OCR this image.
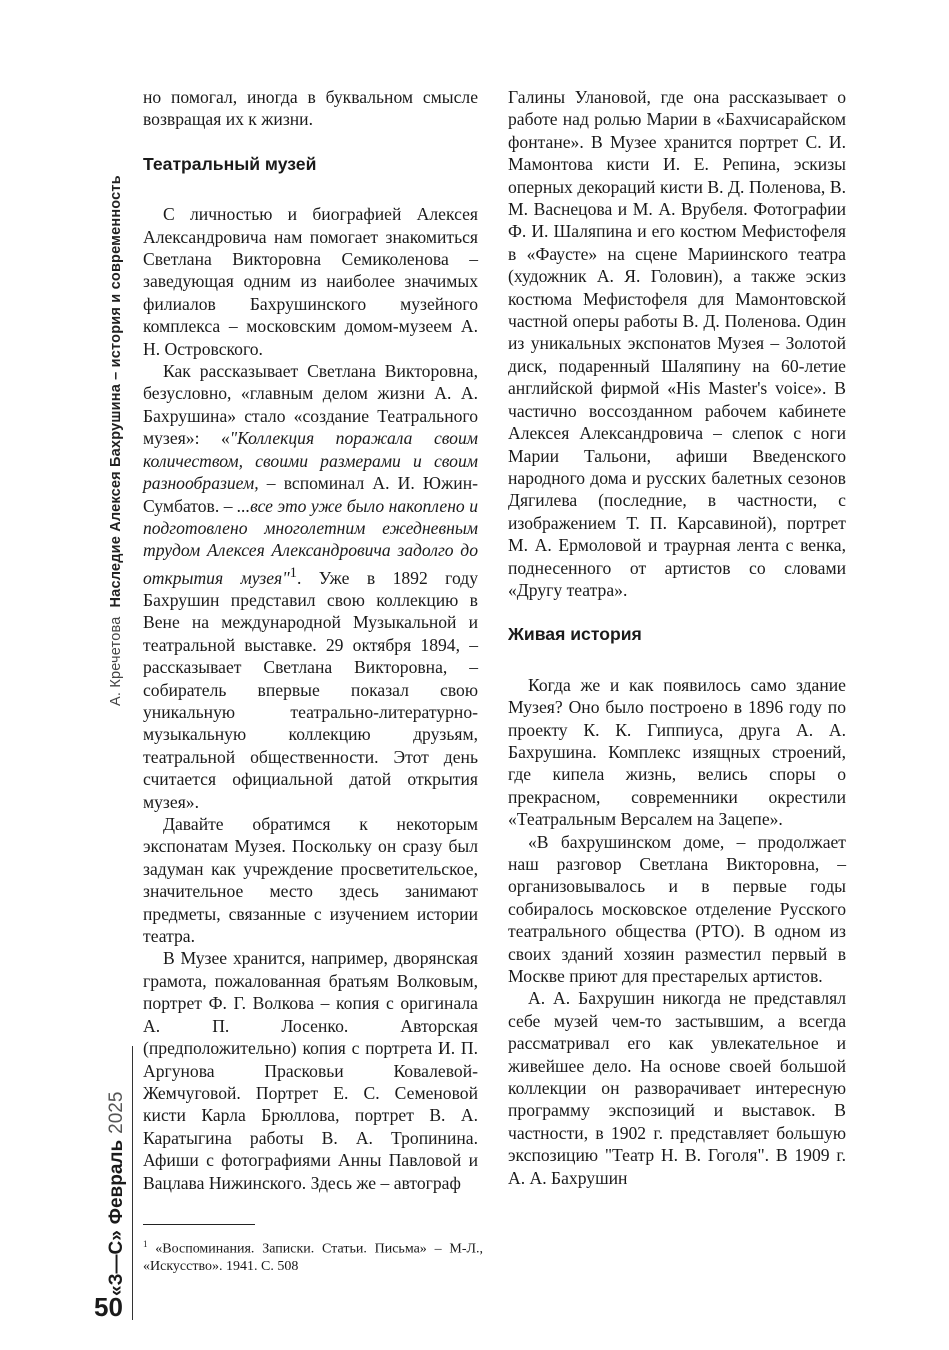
А. КречетоваНаследие Алексея Бахрушина – история и современность
«З—С»Февраль2025
50

но помогал, иногда в буквальном смысле возвращая их к жизни.

Театральный музей

С личностью и биографией Алексея Александровича нам помогает знакомиться Светлана Викторовна Семиколенова – заведующая одним из наиболее значимых филиалов Бахрушинского музейного комплекса – московским домом-музеем А. Н. Островского.

Как рассказывает Светлана Викторовна, безусловно, «главным делом жизни А. А. Бахрушина» стало «создание Театрального музея»: «"Коллекция поражала своим количеством, своими размерами и своим разнообразием, – вспоминал А. И. Южин-Сумбатов. – ...все это уже было накоплено и подготовлено многолетним ежедневным трудом Алексея Александровича задолго до открытия музея"$^1$. Уже в 1892 году Бахрушин представил свою коллекцию в Вене на международной Музыкальной и театральной выставке. 29 октября 1894, – рассказывает Светлана Викторовна, – собиратель впервые показал свою уникальную театрально-литературно-музыкальную коллекцию друзьям, театральной общественности. Этот день считается официальной датой открытия музея».

Давайте обратимся к некоторым экспонатам Музея. Поскольку он сразу был задуман как учреждение просветительское, значительное место здесь занимают предметы, связанные с изучением истории театра.

В Музее хранится, например, дворянская грамота, пожалованная братьям Волковым, портрет Ф. Г. Волкова – копия с оригинала А. П. Лосенко. Авторская (предположительно) копия с портрета И. П. Аргунова Прасковьи Ковалевой-Жемчуговой. Портрет Е. С. Семеновой кисти Карла Брюллова, портрет В. А. Каратыгина работы В. А. Тропинина. Афиши с фотографиями Анны Павловой и Вацлава Нижинского. Здесь же – автограф

$^1$ «Воспоминания. Записки. Статьи. Письма» – М-Л., «Искусство». 1941. С. 508

Галины Улановой, где она рассказывает о работе над ролью Марии в «Бахчисарайском фонтане». В Музее хранится портрет С. И. Мамонтова кисти И. Е. Репина, эскизы оперных декораций кисти В. Д. Поленова, В. М. Васнецова и М. А. Врубеля. Фотографии Ф. И. Шаляпина и его костюм Мефистофеля в «Фаусте» на сцене Мариинского театра (художник А. Я. Головин), а также эскиз костюма Мефистофеля для Мамонтовской частной оперы работы В. Д. Поленова. Один из уникальных экспонатов Музея – Золотой диск, подаренный Шаляпину на 60-летие английской фирмой «His Master's voice». В частично воссозданном рабочем кабинете Алексея Александровича – слепок с ноги Марии Тальони, афиши Введенского народного дома и русских балетных сезонов Дягилева (последние, в частности, с изображением Т. П. Карсавиной), портрет М. А. Ермоловой и траурная лента с венка, поднесенного от артистов со словами «Другу театра».

Живая история

Когда же и как появилось само здание Музея? Оно было построено в 1896 году по проекту К. К. Гиппиуса, друга А. А. Бахрушина. Комплекс изящных строений, где кипела жизнь, велись споры о прекрасном, современники окрестили «Театральным Версалем на Зацепе».

«В бахрушинском доме, – продолжает наш разговор Светлана Викторовна, – организовывалось и в первые годы собиралось московское отделение Русского театрального общества (РТО). В одном из своих зданий хозяин разместил первый в Москве приют для престарелых артистов.

А. А. Бахрушин никогда не представлял себе музей чем-то застывшим, а всегда рассматривал его как увлекательное и живейшее дело. На основе своей большой коллекции он разворачивает интересную программу экспозиций и выставок. В частности, в 1902 г. представляет большую экспозицию "Театр Н. В. Гоголя". В 1909 г. А. А. Бахрушин
